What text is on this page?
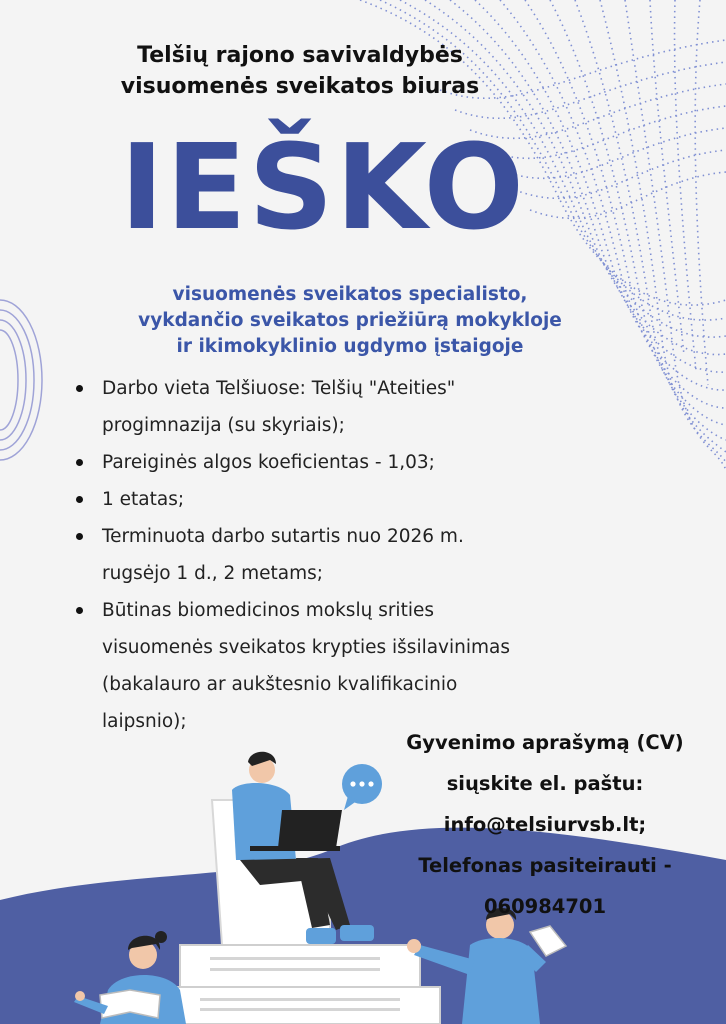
Telšių rajono savivaldybės
visuomenės sveikatos biuras
IEŠKO
visuomenės sveikatos specialisto,
vykdančio sveikatos priežiūrą mokykloje
ir ikimokyklinio ugdymo įstaigoje
Darbo vieta Telšiuose: Telšių "Ateities"
progimnazija (su skyriais);
Pareiginės algos koeficientas - 1,03;
1 etatas;
Terminuota darbo sutartis nuo 2026 m.
rugsėjo 1 d., 2 metams;
Būtinas biomedicinos mokslų srities
visuomenės sveikatos krypties išsilavinimas
(bakalauro ar aukštesnio kvalifikacinio
laipsnio);
Gyvenimo aprašymą (CV)
siųskite el. paštu:
info@telsiurvsb.lt;
Telefonas pasiteirauti -
060984701
